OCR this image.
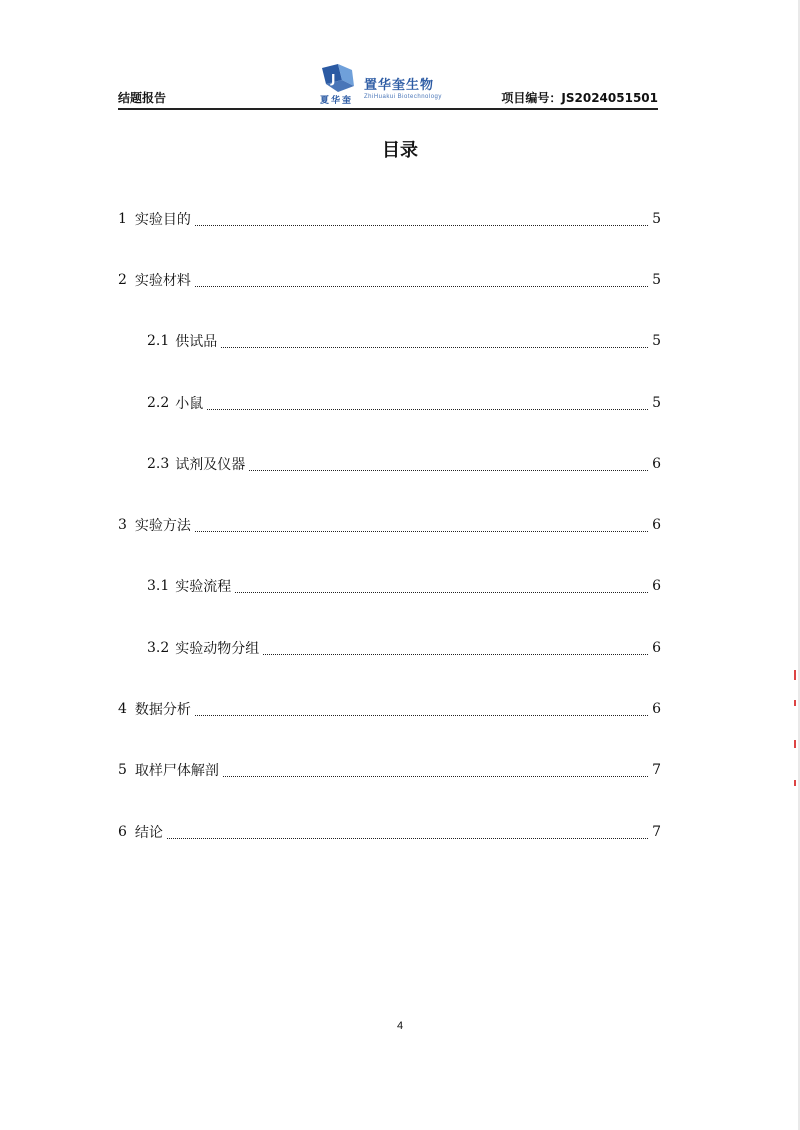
结题报告
J
夏华奎
置华奎生物
ZhiHuakui Biotechnology	项目编号：JS2024051501
目录
1 实验目的	5
2 实验材料	5
2.1 供试品	5
2.2 小鼠	5
2.3 试剂及仪器	6
3 实验方法	6
3.1 实验流程	6
3.2 实验动物分组	6
4 数据分析	6
5 取样尸体解剖	7
6 结论	7
4
